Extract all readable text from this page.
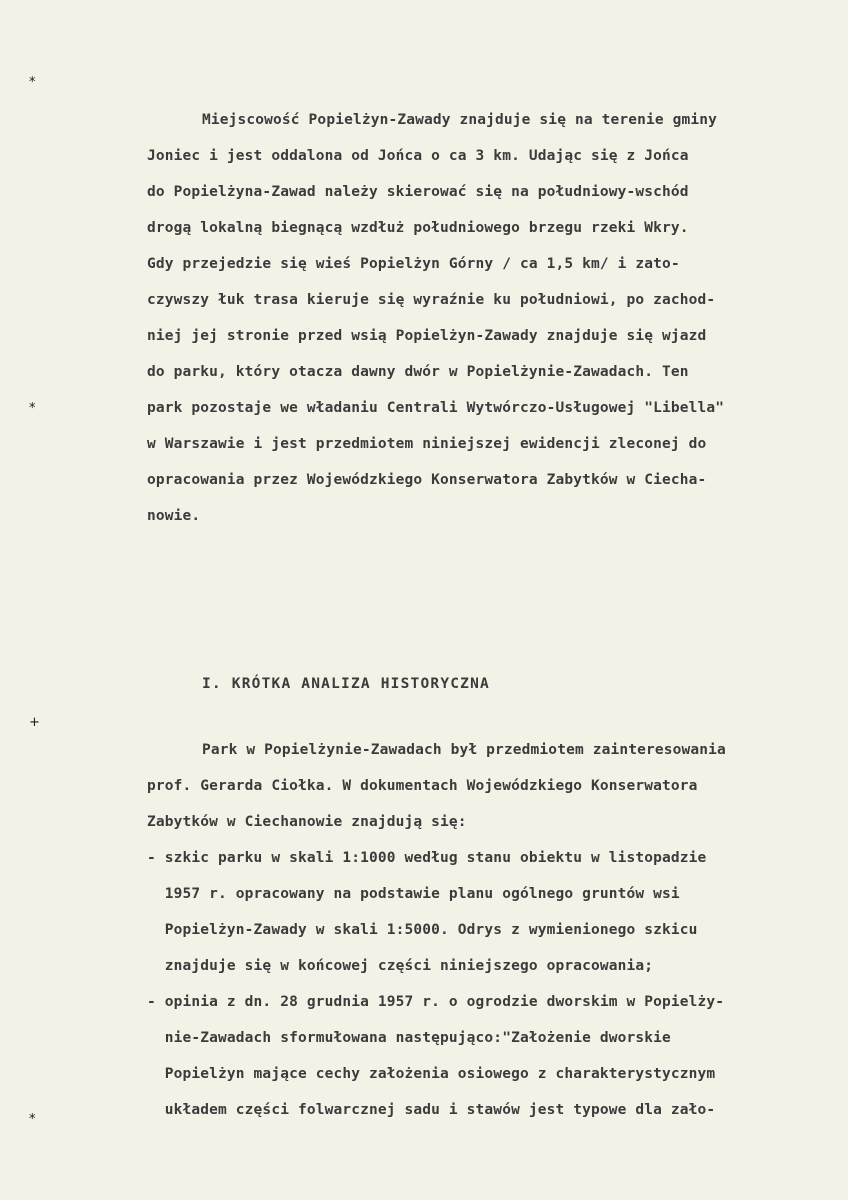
*
*
+
*
Miejscowość Popielżyn-Zawady znajduje się na terenie gminy
Joniec i jest oddalona od Jońca o ca 3 km. Udając się z Jońca
do Popielżyna-Zawad należy skierować się na południowy-wschód
drogą lokalną biegnącą wzdłuż południowego brzegu rzeki Wkry.
Gdy przejedzie się wieś Popielżyn Górny / ca 1,5 km/ i zato-
czywszy łuk trasa kieruje się wyraźnie ku południowi, po zachod-
niej jej stronie przed wsią Popielżyn-Zawady znajduje się wjazd
do parku, który otacza dawny dwór w Popielżynie-Zawadach. Ten
park pozostaje we władaniu Centrali Wytwórczo-Usługowej "Libella"
w Warszawie i jest przedmiotem niniejszej ewidencji zleconej do
opracowania przez Wojewódzkiego Konserwatora Zabytków w Ciecha-
nowie.
I. KRÓTKA ANALIZA HISTORYCZNA
Park w Popielżynie-Zawadach był przedmiotem zainteresowania
prof. Gerarda Ciołka. W dokumentach Wojewódzkiego Konserwatora
Zabytków w Ciechanowie znajdują się:
- szkic parku w skali 1:1000 według stanu obiektu w listopadzie
1957 r. opracowany na podstawie planu ogólnego gruntów wsi
Popielżyn-Zawady w skali 1:5000. Odrys z wymienionego szkicu
znajduje się w końcowej części niniejszego opracowania;
- opinia z dn. 28 grudnia 1957 r. o ogrodzie dworskim w Popielży-
nie-Zawadach sformułowana następująco:"Założenie dworskie
Popielżyn mające cechy założenia osiowego z charakterystycznym
układem części folwarcznej sadu i stawów jest typowe dla zało-
